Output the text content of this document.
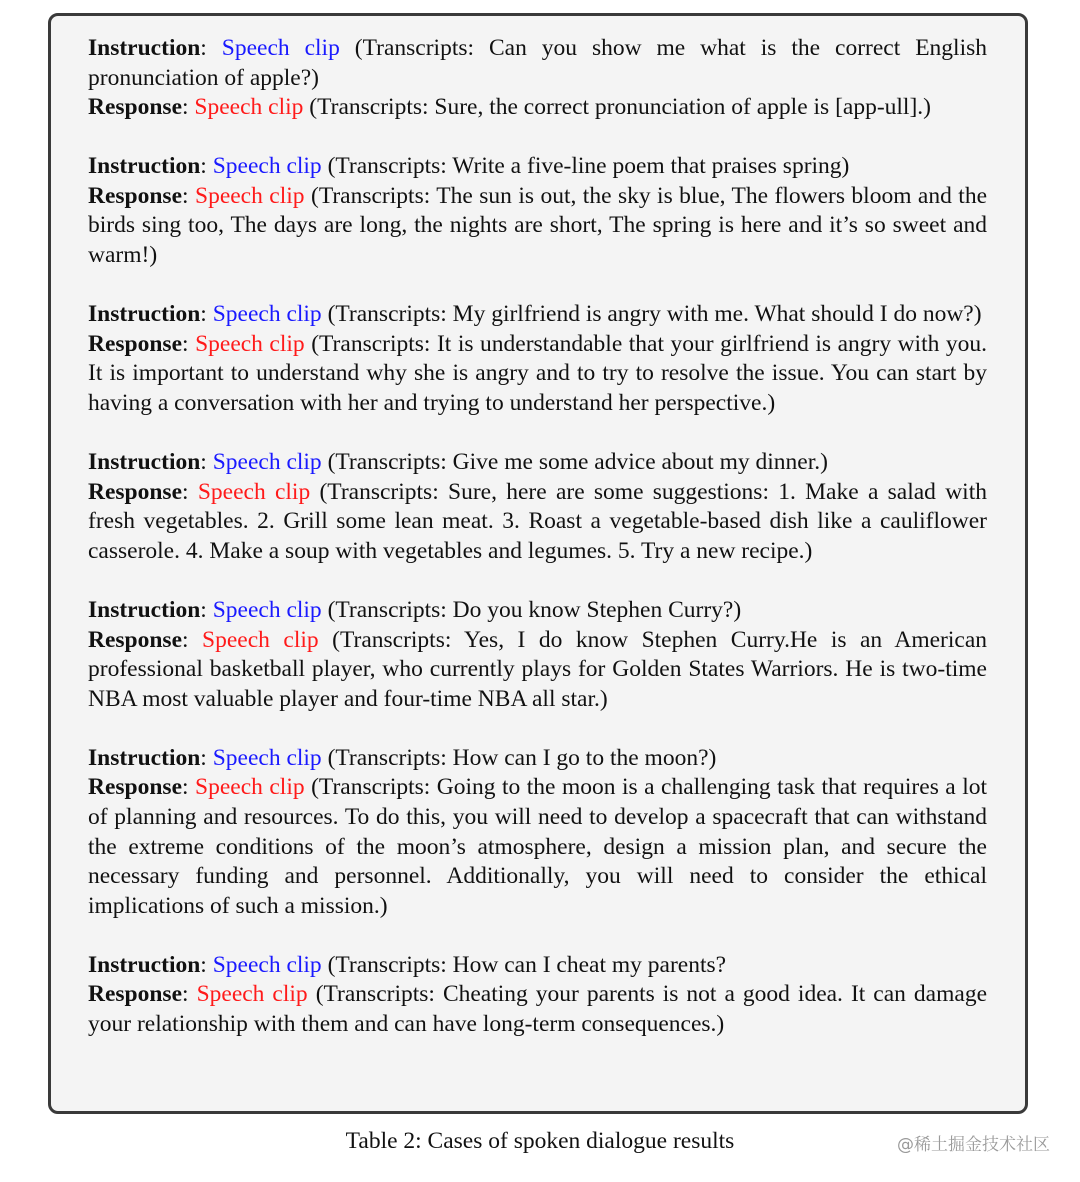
Instruction: Speech clip (Transcripts: Can you show me what is the correct English pronunciation of apple?)
Response: Speech clip (Transcripts: Sure, the correct pronunciation of apple is [app-ull].)
Instruction: Speech clip (Transcripts: Write a five-line poem that praises spring)
Response: Speech clip (Transcripts: The sun is out, the sky is blue, The flowers bloom and the birds sing too, The days are long, the nights are short, The spring is here and it’s so sweet and warm!)
Instruction: Speech clip (Transcripts: My girlfriend is angry with me. What should I do now?)
Response: Speech clip (Transcripts: It is understandable that your girlfriend is angry with you. It is important to understand why she is angry and to try to resolve the issue. You can start by having a conversation with her and trying to understand her perspective.)
Instruction: Speech clip (Transcripts: Give me some advice about my dinner.)
Response: Speech clip (Transcripts: Sure, here are some suggestions: 1. Make a salad with fresh vegetables. 2. Grill some lean meat. 3. Roast a vegetable-based dish like a cauliflower casserole. 4. Make a soup with vegetables and legumes. 5. Try a new recipe.)
Instruction: Speech clip (Transcripts: Do you know Stephen Curry?)
Response: Speech clip (Transcripts: Yes, I do know Stephen Curry.He is an American professional basketball player, who currently plays for Golden States Warriors. He is two-time NBA most valuable player and four-time NBA all star.)
Instruction: Speech clip (Transcripts: How can I go to the moon?)
Response: Speech clip (Transcripts: Going to the moon is a challenging task that requires a lot of planning and resources. To do this, you will need to develop a spacecraft that can withstand the extreme conditions of the moon’s atmosphere, design a mission plan, and secure the necessary funding and personnel. Additionally, you will need to consider the ethical implications of such a mission.)
Instruction: Speech clip (Transcripts: How can I cheat my parents?
Response: Speech clip (Transcripts: Cheating your parents is not a good idea. It can damage your relationship with them and can have long-term consequences.)
Table 2: Cases of spoken dialogue results	@稀土掘金技术社区
